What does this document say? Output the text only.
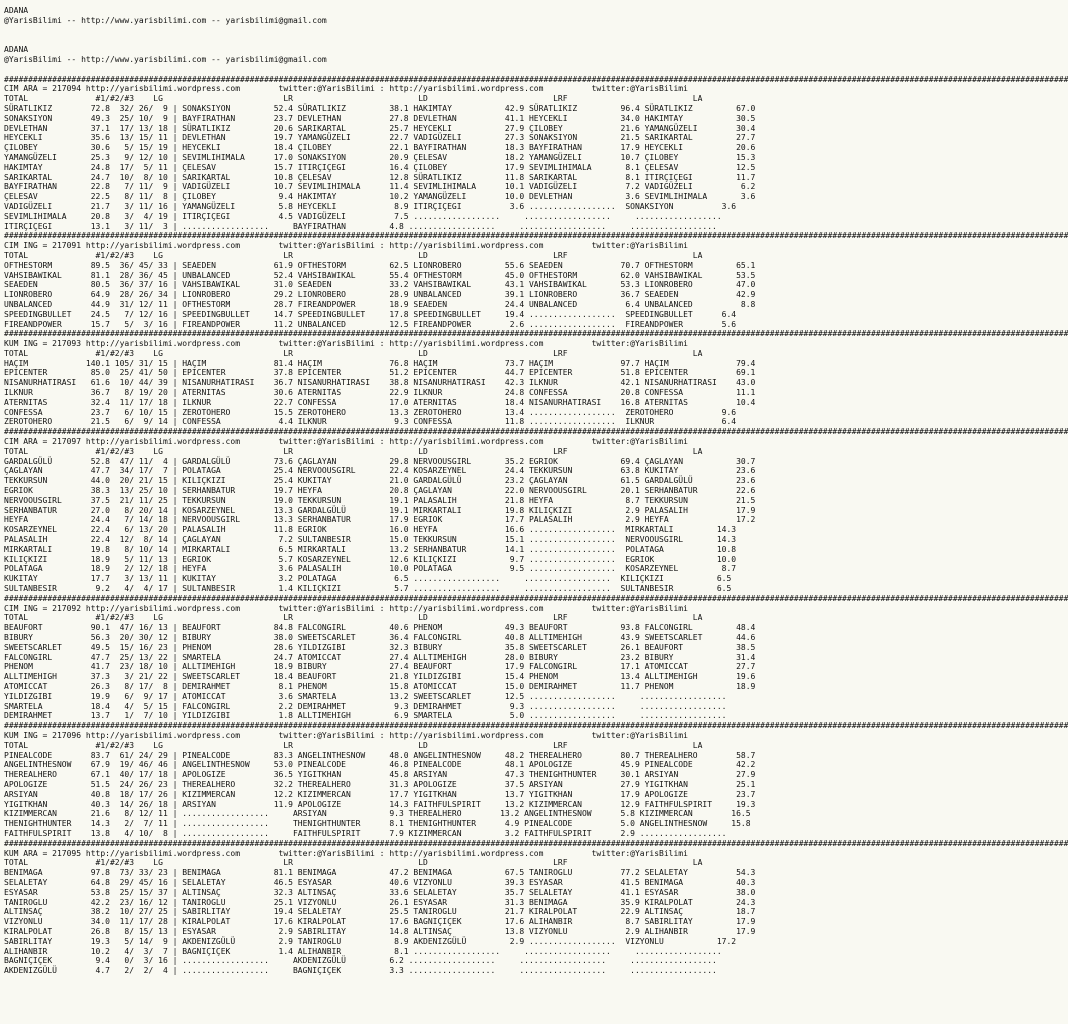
ADANA
@YarisBilimi -- http://www.yarisbilimi.com -- yarisbilimi@gmail.com

ADANA
@YarisBilimi -- http://www.yarisbilimi.com -- yarisbilimi@gmail.com

#############################################################################################################################################################################################################################
CIM ARA = 217094 http://yarisbilimi.wordpress.com        twitter:@YarisBilimi : http://yarisbilimi.wordpress.com          twitter:@YarisBilimi
TOTAL              #1/#2/#3    LG                         LR                          LD                          LRF                          LA
SÜRATLIKIZ        72.8  32/ 26/  9 | SONAKSIYON         52.4 SÜRATLIKIZ         38.1 HAKIMTAY           42.9 SÜRATLIKIZ         96.4 SÜRATLIKIZ         67.0
SONAKSIYON        49.3  25/ 10/  9 | BAYFIRATHAN        23.7 DEVLETHAN          27.8 DEVLETHAN          41.1 HEYCEKLI           34.0 HAKIMTAY           30.5
DEVLETHAN         37.1  17/ 13/ 18 | SÜRATLIKIZ         20.6 SARIKARTAL         25.7 HEYCEKLI           27.9 ÇILOBEY            21.6 YAMANGÜZELI        30.4
HEYCEKLI          35.6  13/ 15/ 11 | DEVLETHAN          19.7 YAMANGÜZELI        22.7 VADIGÜZELI         27.3 SONAKSIYON         21.5 SARIKARTAL         27.7
ÇILOBEY           30.6   5/ 15/ 19 | HEYCEKLI           18.4 ÇILOBEY            22.1 BAYFIRATHAN        18.3 BAYFIRATHAN        17.9 HEYCEKLI           20.6
YAMANGÜZELI       25.3   9/ 12/ 10 | SEVIMLIHIMALA      17.0 SONAKSIYON         20.9 ÇELESAV            18.2 YAMANGÜZELI        10.7 ÇILOBEY            15.3
HAKIMTAY          24.8  17/  5/ 11 | ÇELESAV            15.7 ITIRÇIÇEGI         16.4 ÇILOBEY            17.9 SEVIMLIHIMALA       8.1 ÇELESAV            12.5
SARIKARTAL        24.7  10/  8/ 10 | SARIKARTAL         10.8 ÇELESAV            12.8 SÜRATLIKIZ         11.8 SARIKARTAL          8.1 ITIRÇIÇEGI         11.7
BAYFIRATHAN       22.8   7/ 11/  9 | VADIGÜZELI         10.7 SEVIMLIHIMALA      11.4 SEVIMLIHIMALA      10.1 VADIGÜZELI          7.2 VADIGÜZELI          6.2
ÇELESAV           22.5   8/ 11/  8 | ÇILOBEY             9.4 HAKIMTAY           10.2 YAMANGÜZELI        10.0 DEVLETHAN           3.6 SEVIMLIHIMALA       3.6
VADIGÜZELI        21.7   3/ 11/ 16 | YAMANGÜZELI         5.8 HEYCEKLI            8.9 ITIRÇIÇEGI          3.6 ..................  SONAKSIYON          3.6
SEVIMLIHIMALA     20.8   3/  4/ 19 | ITIRÇIÇEGI          4.5 VADIGÜZELI          7.5 ..................     ..................     ..................
ITIRÇIÇEGI        13.1   3/ 11/  3 | ..................     BAYFIRATHAN         4.8 ..................     ..................     ..................
#############################################################################################################################################################################################################################
CIM ING = 217091 http://yarisbilimi.wordpress.com        twitter:@YarisBilimi : http://yarisbilimi.wordpress.com          twitter:@YarisBilimi
TOTAL              #1/#2/#3    LG                         LR                          LD                          LRF                          LA
OFTHESTORM        89.5  36/ 45/ 33 | SEAEDEN            61.9 OFTHESTORM         62.5 LIONROBERO         55.6 SEAEDEN            70.7 OFTHESTORM         65.1
VAHSIBAWIKAL      81.1  28/ 36/ 45 | UNBALANCED         52.4 VAHSIBAWIKAL       55.4 OFTHESTORM         45.0 OFTHESTORM         62.0 VAHSIBAWIKAL       53.5
SEAEDEN           80.5  36/ 37/ 16 | VAHSIBAWIKAL       31.0 SEAEDEN            33.2 VAHSIBAWIKAL       43.1 VAHSIBAWIKAL       53.3 LIONROBERO         47.0
LIONROBERO        64.9  28/ 26/ 34 | LIONROBERO         29.2 LIONROBERO         28.9 UNBALANCED         39.1 LIONROBERO         36.7 SEAEDEN            42.9
UNBALANCED        44.9  31/ 12/ 11 | OFTHESTORM         28.7 FIREANDPOWER       18.9 SEAEDEN            24.4 UNBALANCED          6.4 UNBALANCED          8.8
SPEEDINGBULLET    24.5   7/ 12/ 16 | SPEEDINGBULLET     14.7 SPEEDINGBULLET     17.8 SPEEDINGBULLET     19.4 ..................  SPEEDINGBULLET      6.4
FIREANDPOWER      15.7   5/  3/ 16 | FIREANDPOWER       11.2 UNBALANCED         12.5 FIREANDPOWER        2.6 ..................  FIREANDPOWER        5.6
#############################################################################################################################################################################################################################
KUM ING = 217093 http://yarisbilimi.wordpress.com        twitter:@YarisBilimi : http://yarisbilimi.wordpress.com          twitter:@YarisBilimi
TOTAL              #1/#2/#3    LG                         LR                          LD                          LRF                          LA
HAÇIM            140.1 105/ 31/ 15 | HAÇIM              81.4 HAÇIM              76.8 HAÇIM              73.7 HAÇIM              97.7 HAÇIM              79.4
EPICENTER         85.0  25/ 41/ 50 | EPICENTER          37.8 EPICENTER          51.2 EPICENTER          44.7 EPICENTER          51.8 EPICENTER          69.1
NISANURHATIRASI   61.6  10/ 44/ 39 | NISANURHATIRASI    36.7 NISANURHATIRASI    38.8 NISANURHATIRASI    42.3 ILKNUR             42.1 NISANURHATIRASI    43.0
ILKNUR            36.7   8/ 19/ 20 | ATERNITAS          30.6 ATERNITAS          22.9 ILKNUR             24.8 CONFESSA           20.8 CONFESSA           11.1
ATERNITAS         32.4  11/ 17/ 18 | ILKNUR             22.7 CONFESSA           17.0 ATERNITAS          18.4 NISANURHATIRASI    16.8 ATERNITAS          10.4
CONFESSA          23.7   6/ 10/ 15 | ZEROTOHERO         15.5 ZEROTOHERO         13.3 ZEROTOHERO         13.4 ..................  ZEROTOHERO          9.6
ZEROTOHERO        21.5   6/  9/ 14 | CONFESSA            4.4 ILKNUR              9.3 CONFESSA           11.8 ..................  ILKNUR              6.4
#############################################################################################################################################################################################################################
CIM ARA = 217097 http://yarisbilimi.wordpress.com        twitter:@YarisBilimi : http://yarisbilimi.wordpress.com          twitter:@YarisBilimi
TOTAL              #1/#2/#3    LG                         LR                          LD                          LRF                          LA
GARDALGÜLÜ        52.8  47/ 11/  4 | GARDALGÜLÜ         73.6 ÇAGLAYAN           29.8 NERVOOUSGIRL       35.2 EGRIOK             69.4 ÇAGLAYAN           30.7
ÇAGLAYAN          47.7  34/ 17/  7 | POLATAGA           25.4 NERVOOUSGIRL       22.4 KOSARZEYNEL        24.4 TEKKURSUN          63.8 KUKITAY            23.6
TEKKURSUN         44.0  20/ 21/ 15 | KILIÇKIZI          25.4 KUKITAY            21.0 GARDALGÜLÜ         23.2 ÇAGLAYAN           61.5 GARDALGÜLÜ         23.6
EGRIOK            38.3  13/ 25/ 10 | SERHANBATUR        19.7 HEYFA              20.8 ÇAGLAYAN           22.0 NERVOOUSGIRL       20.1 SERHANBATUR        22.6
NERVOOUSGIRL      37.5  21/ 11/ 25 | TEKKURSUN          19.0 TEKKURSUN          19.1 PALASALIH          21.8 HEYFA               8.7 TEKKURSUN          21.5
SERHANBATUR       27.0   8/ 20/ 14 | KOSARZEYNEL        13.3 GARDALGÜLÜ         19.1 MIRKARTALI         19.8 KILIÇKIZI           2.9 PALASALIH          17.9
HEYFA             24.4   7/ 14/ 18 | NERVOOUSGIRL       13.3 SERHANBATUR        17.9 EGRIOK             17.7 PALASALIH           2.9 HEYFA              17.2
KOSARZEYNEL       22.4   6/ 13/ 20 | PALASALIH          11.8 EGRIOK             16.0 HEYFA              16.6 ..................  MIRKARTALI         14.3
PALASALIH         22.4  12/  8/ 14 | ÇAGLAYAN            7.2 SULTANBESIR        15.0 TEKKURSUN          15.1 ..................  NERVOOUSGIRL       14.3
MIRKARTALI        19.8   8/ 10/ 14 | MIRKARTALI          6.5 MIRKARTALI         13.2 SERHANBATUR        14.1 ..................  POLATAGA           10.8
KILIÇKIZI         18.9   5/ 11/ 13 | EGRIOK              5.7 KOSARZEYNEL        12.6 KILIÇKIZI           9.7 ..................  EGRIOK             10.0
POLATAGA          18.9   2/ 12/ 18 | HEYFA               3.6 PALASALIH          10.0 POLATAGA            9.5 ..................  KOSARZEYNEL         8.7
KUKITAY           17.7   3/ 13/ 11 | KUKITAY             3.2 POLATAGA            6.5 ..................     ..................  KILIÇKIZI           6.5
SULTANBESIR        9.2   4/  4/ 17 | SULTANBESIR         1.4 KILIÇKIZI           5.7 ..................     ..................  SULTANBESIR         6.5
#############################################################################################################################################################################################################################
CIM ING = 217092 http://yarisbilimi.wordpress.com        twitter:@YarisBilimi : http://yarisbilimi.wordpress.com          twitter:@YarisBilimi
TOTAL              #1/#2/#3    LG                         LR                          LD                          LRF                          LA
BEAUFORT          90.1  47/ 16/ 13 | BEAUFORT           84.8 FALCONGIRL         40.6 PHENOM             49.3 BEAUFORT           93.8 FALCONGIRL         48.4
BIBURY            56.3  20/ 30/ 12 | BIBURY             38.0 SWEETSCARLET       36.4 FALCONGIRL         40.8 ALLTIMEHIGH        43.9 SWEETSCARLET       44.6
SWEETSCARLET      49.5  15/ 16/ 23 | PHENOM             28.6 YILDIZGIBI         32.3 BIBURY             35.8 SWEETSCARLET       26.1 BEAUFORT           38.5
FALCONGIRL        47.7  25/ 13/ 22 | SMARTELA           24.7 ATOMICCAT          27.4 ALLTIMEHIGH        28.0 BIBURY             23.2 BIBURY             31.4
PHENOM            41.7  23/ 18/ 10 | ALLTIMEHIGH        18.9 BIBURY             27.4 BEAUFORT           17.9 FALCONGIRL         17.1 ATOMICCAT          27.7
ALLTIMEHIGH       37.3   3/ 21/ 22 | SWEETSCARLET       18.4 BEAUFORT           21.8 YILDIZGIBI         15.4 PHENOM             13.4 ALLTIMEHIGH        19.6
ATOMICCAT         26.3   8/ 17/  8 | DEMIRAHMET          8.1 PHENOM             15.8 ATOMICCAT          15.0 DEMIRAHMET         11.7 PHENOM             18.9
YILDIZGIBI        19.9   6/  9/ 17 | ATOMICCAT           3.6 SMARTELA           13.2 SWEETSCARLET       12.5 ..................     ..................
SMARTELA          18.4   4/  5/ 15 | FALCONGIRL          2.2 DEMIRAHMET          9.3 DEMIRAHMET          9.3 ..................     ..................
DEMIRAHMET        13.7   1/  7/ 10 | YILDIZGIBI          1.8 ALLTIMEHIGH         6.9 SMARTELA            5.0 ..................     ..................
#############################################################################################################################################################################################################################
KUM ING = 217096 http://yarisbilimi.wordpress.com        twitter:@YarisBilimi : http://yarisbilimi.wordpress.com          twitter:@YarisBilimi
TOTAL              #1/#2/#3    LG                         LR                          LD                          LRF                          LA
PINEALCODE        83.7  61/ 24/ 29 | PINEALCODE         83.3 ANGELINTHESNOW     48.0 ANGELINTHESNOW     48.2 THEREALHERO        80.7 THEREALHERO        58.7
ANGELINTHESNOW    67.9  19/ 46/ 46 | ANGELINTHESNOW     53.0 PINEALCODE         46.8 PINEALCODE         48.1 APOLOGIZE          45.9 PINEALCODE         42.2
THEREALHERO       67.1  40/ 17/ 18 | APOLOGIZE          36.5 YIGITKHAN          45.8 ARSIYAN            47.3 THENIGHTHUNTER     30.1 ARSIYAN            27.9
APOLOGIZE         51.5  24/ 26/ 23 | THEREALHERO        32.2 THEREALHERO        31.3 APOLOGIZE          37.5 ARSIYAN            27.9 YIGITKHAN          25.1
ARSIYAN           40.8  18/ 17/ 26 | KIZIMMERCAN        12.2 KIZIMMERCAN        17.7 YIGITKHAN          13.7 YIGITKHAN          17.9 APOLOGIZE          23.7
YIGITKHAN         40.3  14/ 26/ 18 | ARSIYAN            11.9 APOLOGIZE          14.3 FAITHFULSPIRIT     13.2 KIZIMMERCAN        12.9 FAITHFULSPIRIT     19.3
KIZIMMERCAN       21.6   8/ 12/ 11 | ..................     ARSIYAN             9.3 THEREALHERO        13.2 ANGELINTHESNOW      5.8 KIZIMMERCAN        16.5
THENIGHTHUNTER    14.3   2/  7/ 11 | ..................     THENIGHTHUNTER      8.1 THENIGHTHUNTER      4.9 PINEALCODE          5.0 ANGELINTHESNOW     15.8
FAITHFULSPIRIT    13.8   4/ 10/  8 | ..................     FAITHFULSPIRIT      7.9 KIZIMMERCAN         3.2 FAITHFULSPIRIT      2.9 ..................
#############################################################################################################################################################################################################################
KUM ARA = 217095 http://yarisbilimi.wordpress.com        twitter:@YarisBilimi : http://yarisbilimi.wordpress.com          twitter:@YarisBilimi
TOTAL              #1/#2/#3    LG                         LR                          LD                          LRF                          LA
BENIMAGA          97.8  73/ 33/ 23 | BENIMAGA           81.1 BENIMAGA           47.2 BENIMAGA           67.5 TANIROGLU          77.2 SELALETAY          54.3
SELALETAY         64.8  29/ 45/ 16 | SELALETAY          46.5 ESYASAR            40.6 VIZYONLU           39.3 ESYASAR            41.5 BENIMAGA           40.3
ESYASAR           53.8  25/ 15/ 37 | ALTINSAÇ           32.3 ALTINSAÇ           33.6 SELALETAY          35.7 SELALETAY          41.1 ESYASAR            38.0
TANIROGLU         42.2  23/ 16/ 12 | TANIROGLU          25.1 VIZYONLU           26.1 ESYASAR            31.3 BENIMAGA           35.9 KIRALPOLAT         24.3
ALTINSAÇ          38.2  10/ 27/ 25 | SABIRLITAY         19.4 SELALETAY          25.5 TANIROGLU          21.7 KIRALPOLAT         22.9 ALTINSAÇ           18.7
VIZYONLU          34.0  11/ 17/ 28 | KIRALPOLAT         17.6 KIRALPOLAT         17.6 BAGNIÇIÇEK         17.6 ALIHANBIR           8.7 SABIRLITAY         17.9
KIRALPOLAT        26.8   8/ 15/ 13 | ESYASAR             2.9 SABIRLITAY         14.8 ALTINSAÇ           13.8 VIZYONLU            2.9 ALIHANBIR          17.9
SABIRLITAY        19.3   5/ 14/  9 | AKDENIZGÜLÜ         2.9 TANIROGLU           8.9 AKDENIZGÜLÜ         2.9 ..................  VIZYONLU           17.2
ALIHANBIR         10.2   4/  3/  7 | BAGNIÇIÇEK          1.4 ALIHANBIR           8.1 ..................     ..................     ..................
BAGNIÇIÇEK         9.4   0/  3/ 16 | ..................     AKDENIZGÜLÜ         6.2 ..................     ..................     ..................
AKDENIZGÜLÜ        4.7   2/  2/  4 | ..................     BAGNIÇIÇEK          3.3 ..................     ..................     ..................
